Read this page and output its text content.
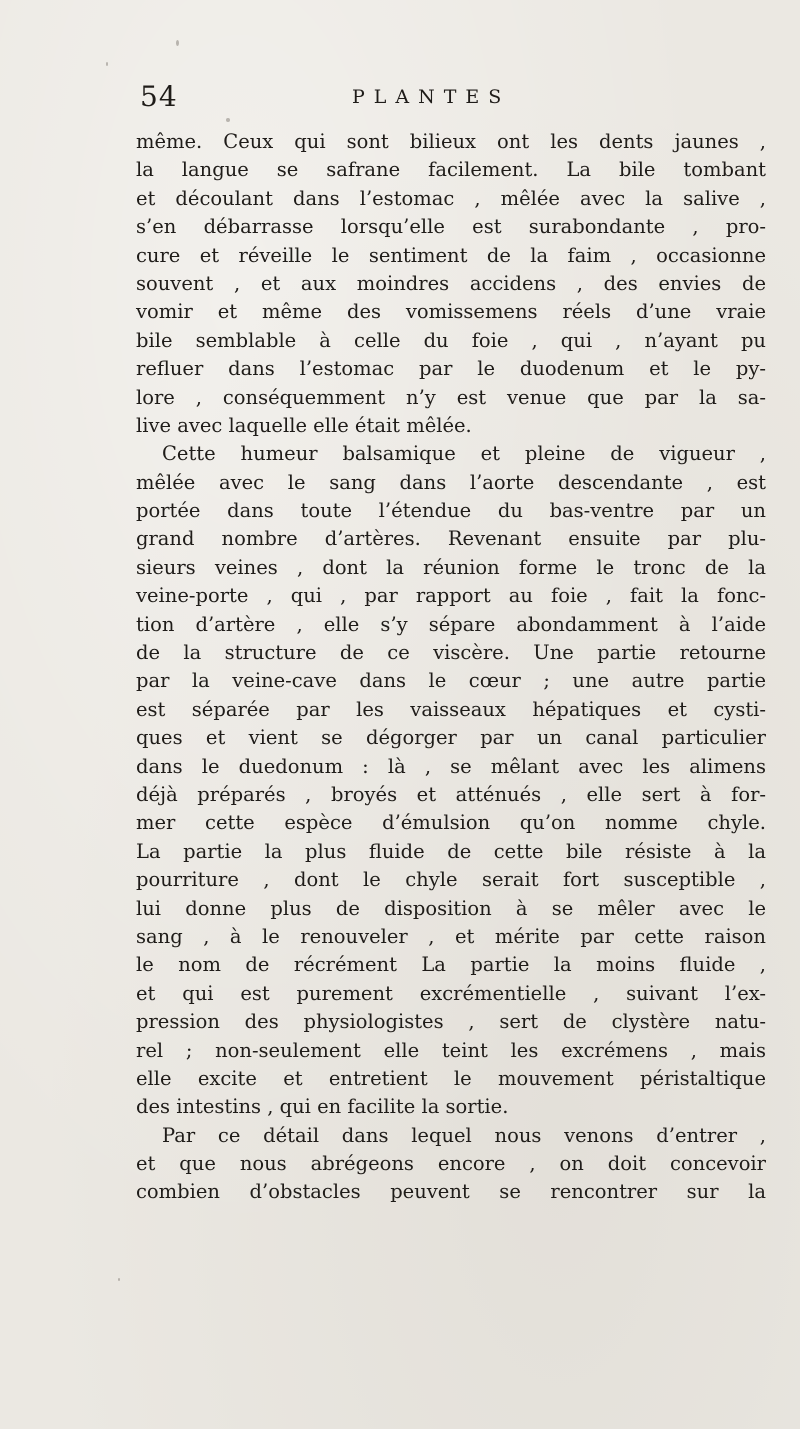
54	PLANTES
même. Ceux qui sont bilieux ont les dents jaunes ,
la langue se safrane facilement. La bile tombant
et découlant dans l’estomac , mêlée avec la salive ,
s’en débarrasse lorsqu’elle est surabondante , pro-
cure et réveille le sentiment de la faim , occasionne
souvent , et aux moindres accidens , des envies de
vomir et même des vomissemens réels d’une vraie
bile semblable à celle du foie , qui , n’ayant pu
refluer dans l’estomac par le duodenum et le py-
lore , conséquemment n’y est venue que par la sa-
live avec laquelle elle était mêlée.
Cette humeur balsamique et pleine de vigueur ,
mêlée avec le sang dans l’aorte descendante , est
portée dans toute l’étendue du bas-ventre par un
grand nombre d’artères. Revenant ensuite par plu-
sieurs veines , dont la réunion forme le tronc de la
veine-porte , qui , par rapport au foie , fait la fonc-
tion d’artère , elle s’y sépare abondamment à l’aide
de la structure de ce viscère. Une partie retourne
par la veine-cave dans le cœur ; une autre partie
est séparée par les vaisseaux hépatiques et cysti-
ques et vient se dégorger par un canal particulier
dans le duedonum : là , se mêlant avec les alimens
déjà préparés , broyés et atténués , elle sert à for-
mer cette espèce d’émulsion qu’on nomme chyle.
La partie la plus fluide de cette bile résiste à la
pourriture , dont le chyle serait fort susceptible ,
lui donne plus de disposition à se mêler avec le
sang , à le renouveler , et mérite par cette raison
le nom de récrément La partie la moins fluide ,
et qui est purement excrémentielle , suivant l’ex-
pression des physiologistes , sert de clystère natu-
rel ; non-seulement elle teint les excrémens , mais
elle excite et entretient le mouvement péristaltique
des intestins , qui en facilite la sortie.
Par ce détail dans lequel nous venons d’entrer ,
et que nous abrégeons encore , on doit concevoir
combien d’obstacles peuvent se rencontrer sur la
